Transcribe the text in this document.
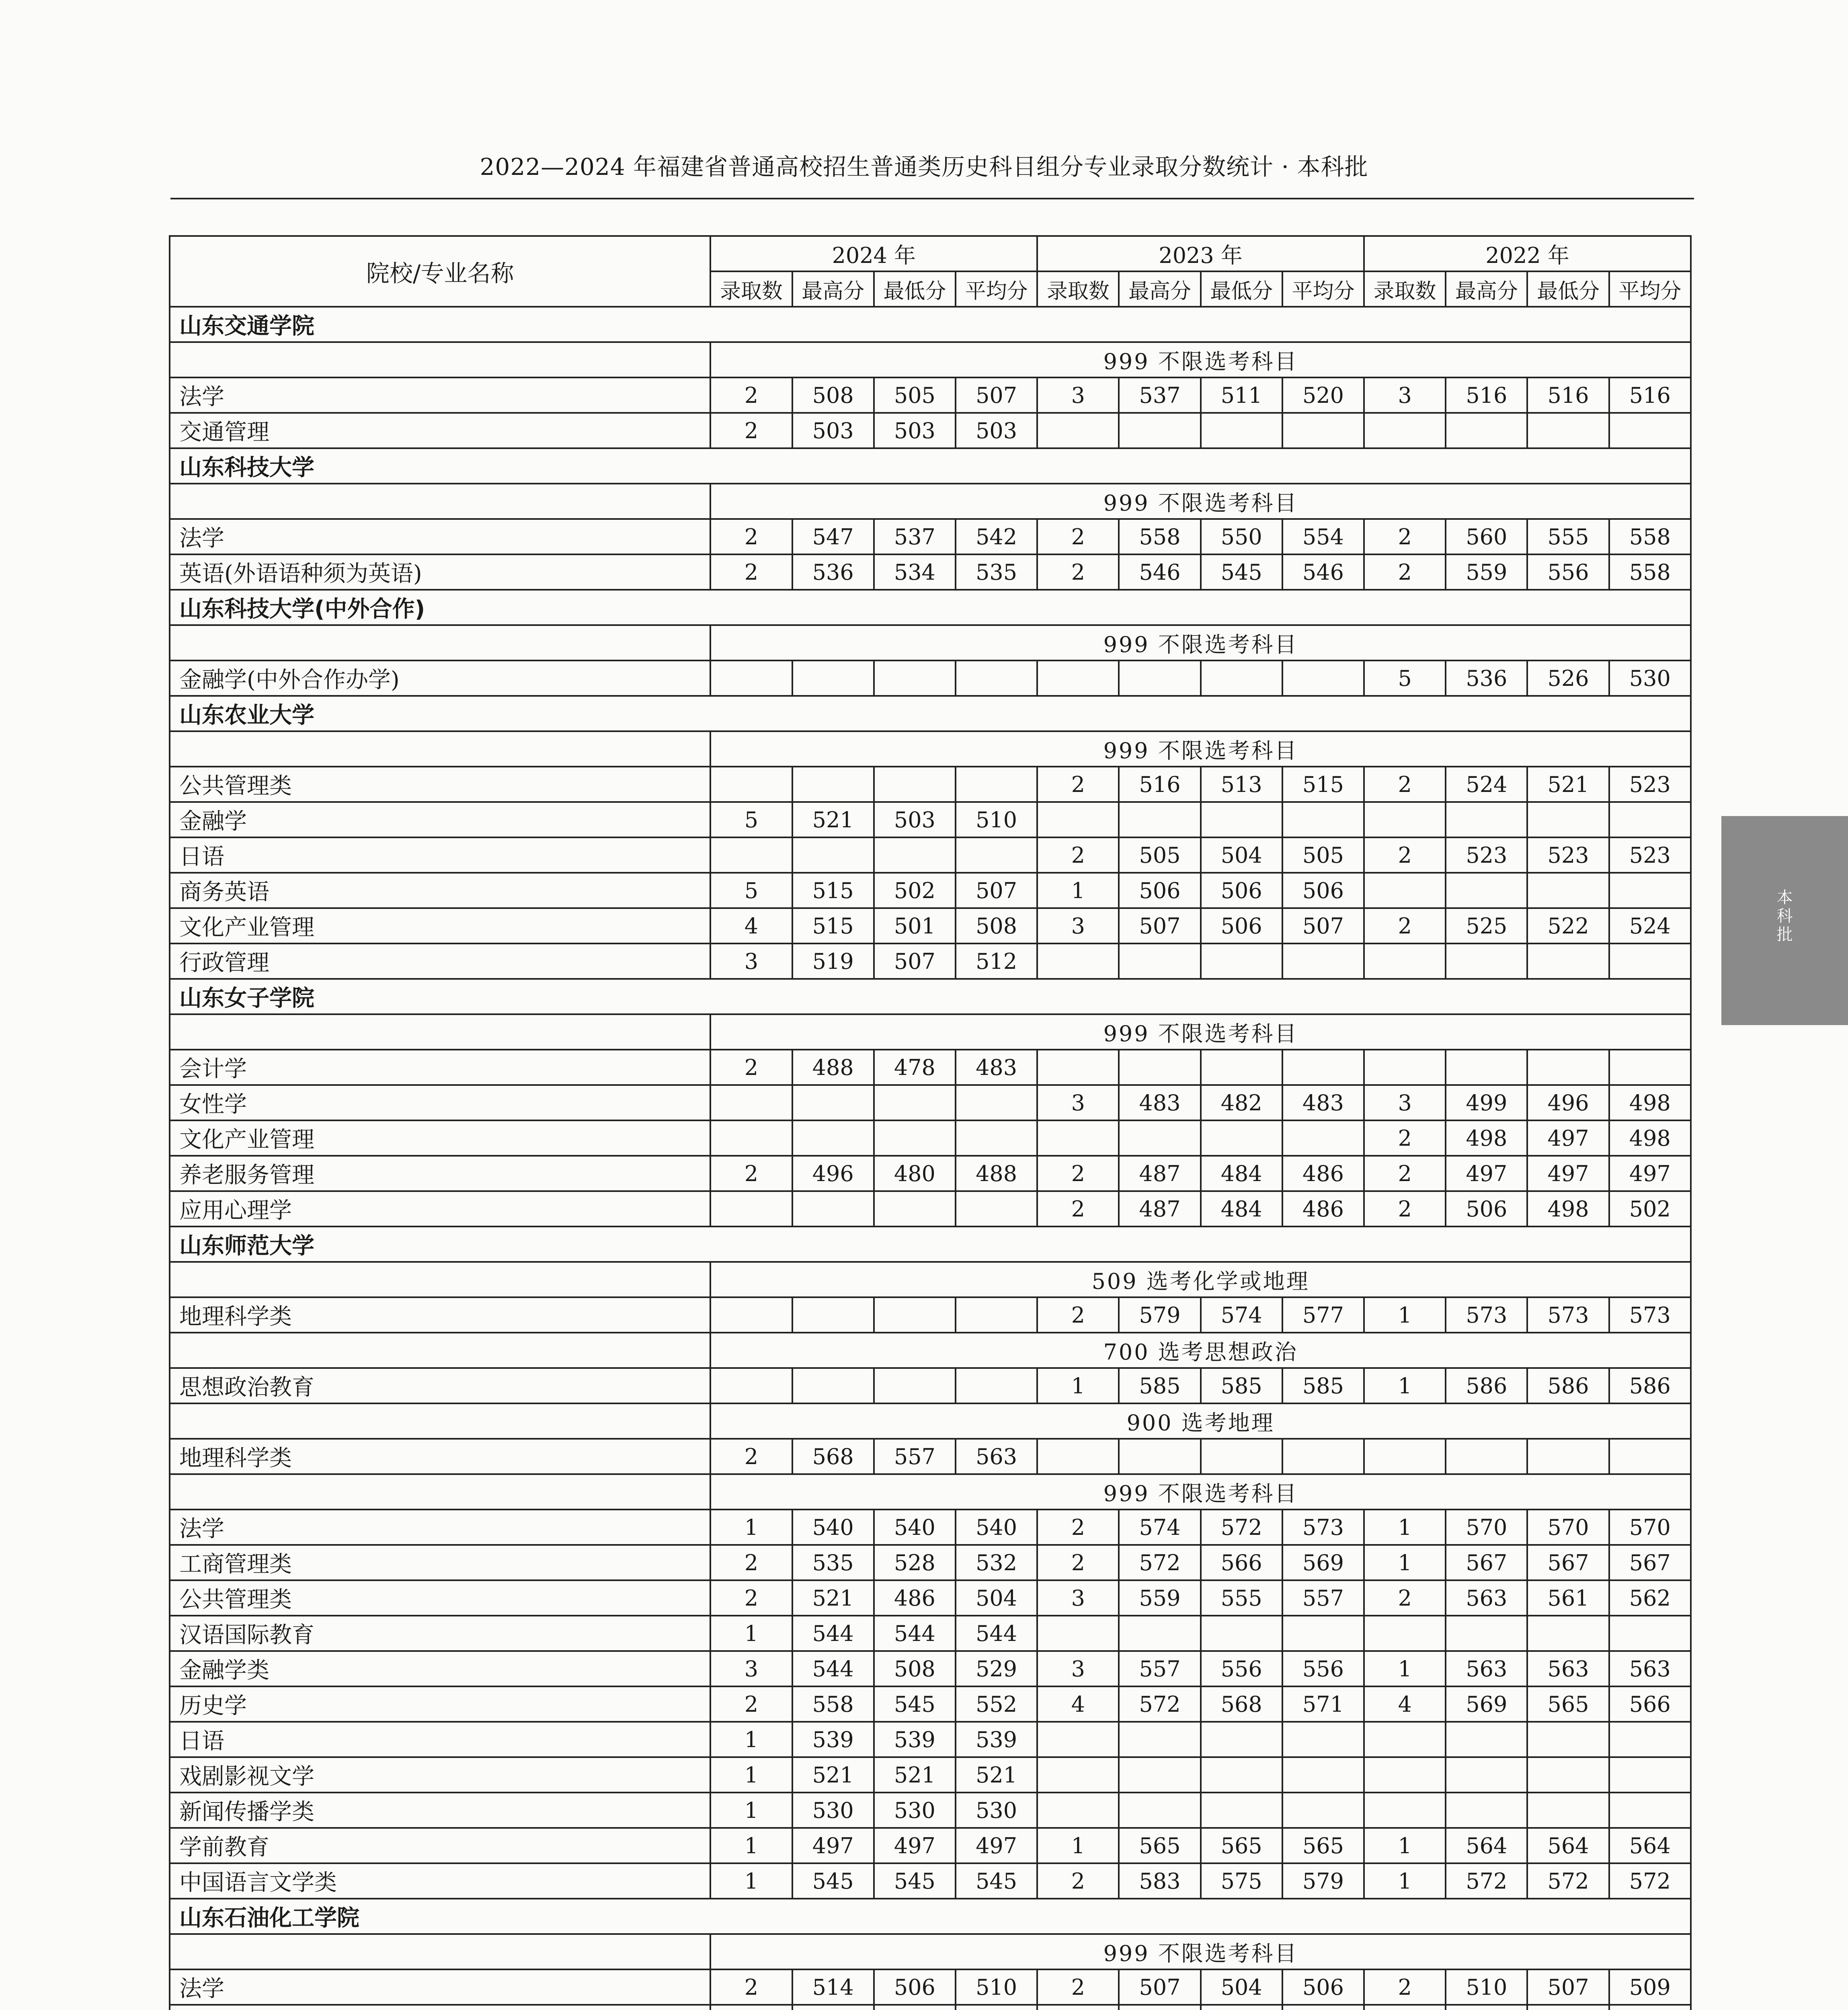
2022—2024 年福建省普通高校招生普通类历史科目组分专业录取分数统计 · 本科批
本科批
院校/专业名称	2024 年				2023 年				2022 年			
	录取数	最高分	最低分	平均分	录取数	最高分	最低分	平均分	录取数	最高分	最低分	平均分
山东交通学院												
	999 不限选考科目											
法学	2	508	505	507	3	537	511	520	3	516	516	516
交通管理	2	503	503	503								
山东科技大学												
	999 不限选考科目											
法学	2	547	537	542	2	558	550	554	2	560	555	558
英语(外语语种须为英语)	2	536	534	535	2	546	545	546	2	559	556	558
山东科技大学(中外合作)												
	999 不限选考科目											
金融学(中外合作办学)									5	536	526	530
山东农业大学												
	999 不限选考科目											
公共管理类					2	516	513	515	2	524	521	523
金融学	5	521	503	510								
日语					2	505	504	505	2	523	523	523
商务英语	5	515	502	507	1	506	506	506				
文化产业管理	4	515	501	508	3	507	506	507	2	525	522	524
行政管理	3	519	507	512								
山东女子学院												
	999 不限选考科目											
会计学	2	488	478	483								
女性学					3	483	482	483	3	499	496	498
文化产业管理									2	498	497	498
养老服务管理	2	496	480	488	2	487	484	486	2	497	497	497
应用心理学					2	487	484	486	2	506	498	502
山东师范大学												
	509 选考化学或地理											
地理科学类					2	579	574	577	1	573	573	573
	700 选考思想政治											
思想政治教育					1	585	585	585	1	586	586	586
	900 选考地理											
地理科学类	2	568	557	563								
	999 不限选考科目											
法学	1	540	540	540	2	574	572	573	1	570	570	570
工商管理类	2	535	528	532	2	572	566	569	1	567	567	567
公共管理类	2	521	486	504	3	559	555	557	2	563	561	562
汉语国际教育	1	544	544	544								
金融学类	3	544	508	529	3	557	556	556	1	563	563	563
历史学	2	558	545	552	4	572	568	571	4	569	565	566
日语	1	539	539	539								
戏剧影视文学	1	521	521	521								
新闻传播学类	1	530	530	530								
学前教育	1	497	497	497	1	565	565	565	1	564	564	564
中国语言文学类	1	545	545	545	2	583	575	579	1	572	572	572
山东石油化工学院												
	999 不限选考科目											
法学	2	514	506	510	2	507	504	506	2	510	507	509
